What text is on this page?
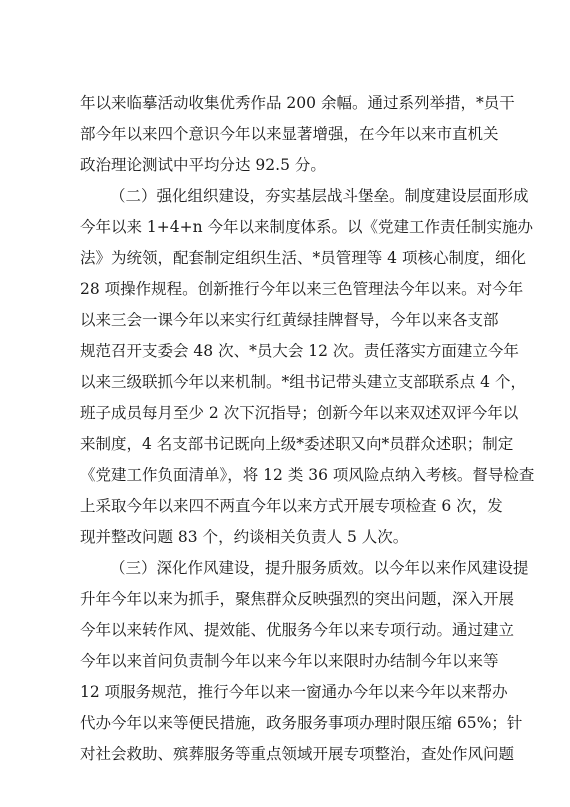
年以来临摹活动收集优秀作品 200 余幅。通过系列举措，*员干
部今年以来四个意识今年以来显著增强，在今年以来市直机关
政治理论测试中平均分达 92.5 分。
（二）强化组织建设，夯实基层战斗堡垒。制度建设层面形成
今年以来 1+4+n 今年以来制度体系。以《党建工作责任制实施办
法》为统领，配套制定组织生活、*员管理等 4 项核心制度，细化
28 项操作规程。创新推行今年以来三色管理法今年以来。对今年
以来三会一课今年以来实行红黄绿挂牌督导，今年以来各支部
规范召开支委会 48 次、*员大会 12 次。责任落实方面建立今年
以来三级联抓今年以来机制。*组书记带头建立支部联系点 4 个，
班子成员每月至少 2 次下沉指导；创新今年以来双述双评今年以
来制度，4 名支部书记既向上级*委述职又向*员群众述职；制定
《党建工作负面清单》，将 12 类 36 项风险点纳入考核。督导检查
上采取今年以来四不两直今年以来方式开展专项检查 6 次，发
现并整改问题 83 个，约谈相关负责人 5 人次。
（三）深化作风建设，提升服务质效。以今年以来作风建设提
升年今年以来为抓手，聚焦群众反映强烈的突出问题，深入开展
今年以来转作风、提效能、优服务今年以来专项行动。通过建立
今年以来首问负责制今年以来今年以来限时办结制今年以来等
12 项服务规范，推行今年以来一窗通办今年以来今年以来帮办
代办今年以来等便民措施，政务服务事项办理时限压缩 65%；针
对社会救助、殡葬服务等重点领域开展专项整治，查处作风问题
